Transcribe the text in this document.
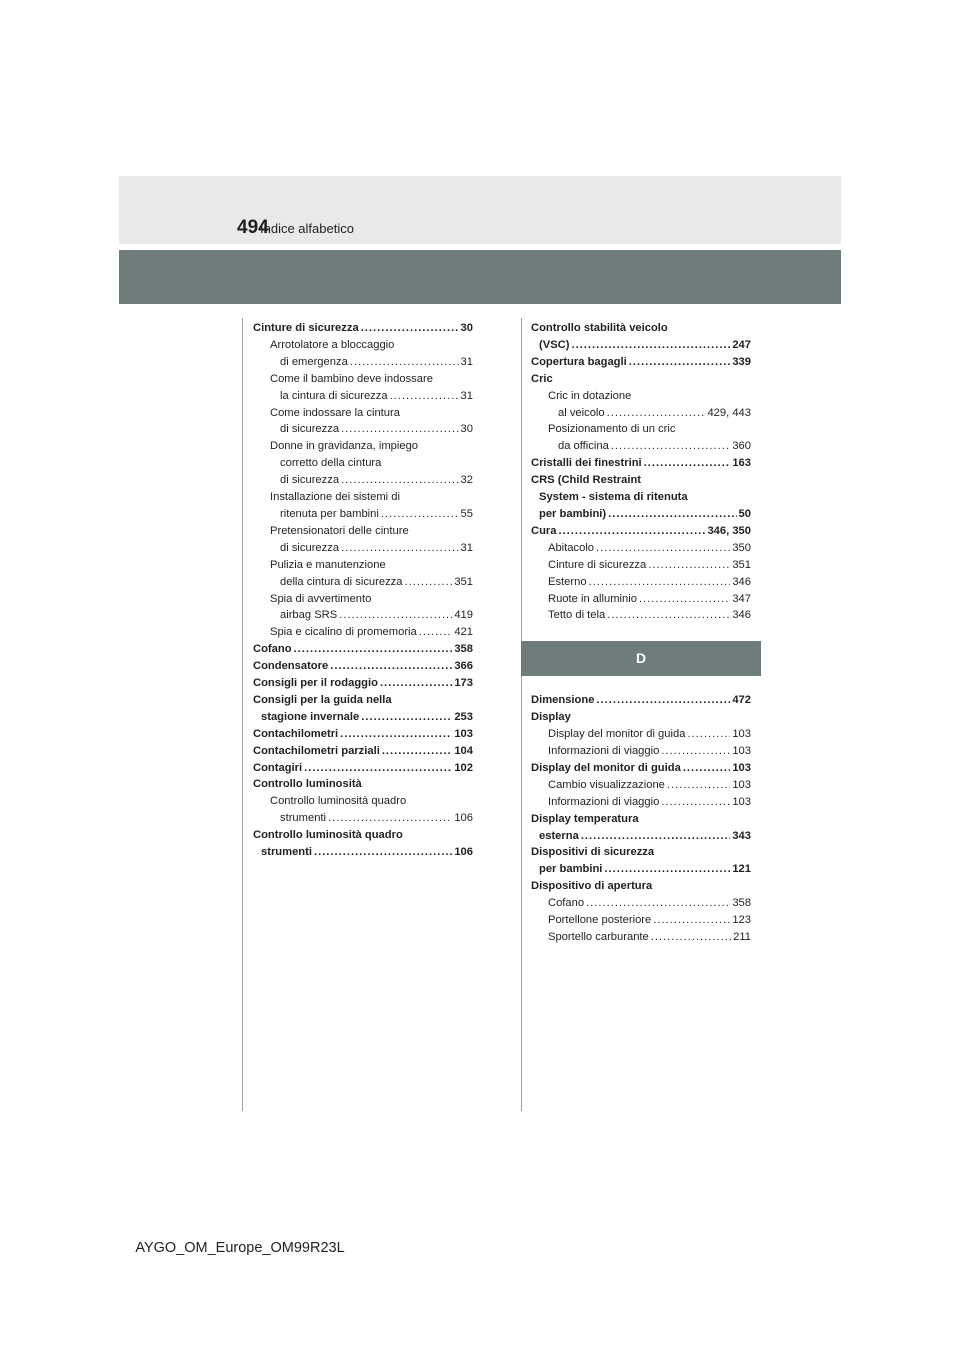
494
Indice alfabetico
Cinture di sicurezza .....	30
Arrotolatore a bloccaggio
di emergenza .....	31
Come il bambino deve indossare
la cintura di sicurezza .....	31
Come indossare la cintura
di sicurezza .....	30
Donne in gravidanza, impiego
corretto della cintura
di sicurezza .....	32
Installazione dei sistemi di
ritenuta per bambini .....	55
Pretensionatori delle cinture
di sicurezza .....	31
Pulizia e manutenzione
della cintura di sicurezza .....	351
Spia di avvertimento
airbag SRS .....	419
Spia e cicalino di promemoria .....	421
Cofano .....	358
Condensatore .....	366
Consigli per il rodaggio .....	173
Consigli per la guida nella
stagione invernale .....	253
Contachilometri .....	103
Contachilometri parziali .....	104
Contagiri .....	102
Controllo luminosità
Controllo luminosità quadro
strumenti .....	106
Controllo luminosità quadro
strumenti .....	106
Controllo stabilità veicolo
(VSC) .....	247
Copertura bagagli .....	339
Cric
Cric in dotazione
al veicolo .....	429, 443
Posizionamento di un cric
da officina .....	360
Cristalli dei finestrini .....	163
CRS (Child Restraint
System - sistema di ritenuta
per bambini) .....	50
Cura .....	346, 350
Abitacolo .....	350
Cinture di sicurezza .....	351
Esterno .....	346
Ruote in alluminio .....	347
Tetto di tela .....	346
D
Dimensione .....	472
Display
Display del monitor di guida .....	103
Informazioni di viaggio .....	103
Display del monitor di guida .....	103
Cambio visualizzazione .....	103
Informazioni di viaggio .....	103
Display temperatura
esterna .....	343
Dispositivi di sicurezza
per bambini .....	121
Dispositivo di apertura
Cofano .....	358
Portellone posteriore .....	123
Sportello carburante .....	211
AYGO_OM_Europe_OM99R23L
